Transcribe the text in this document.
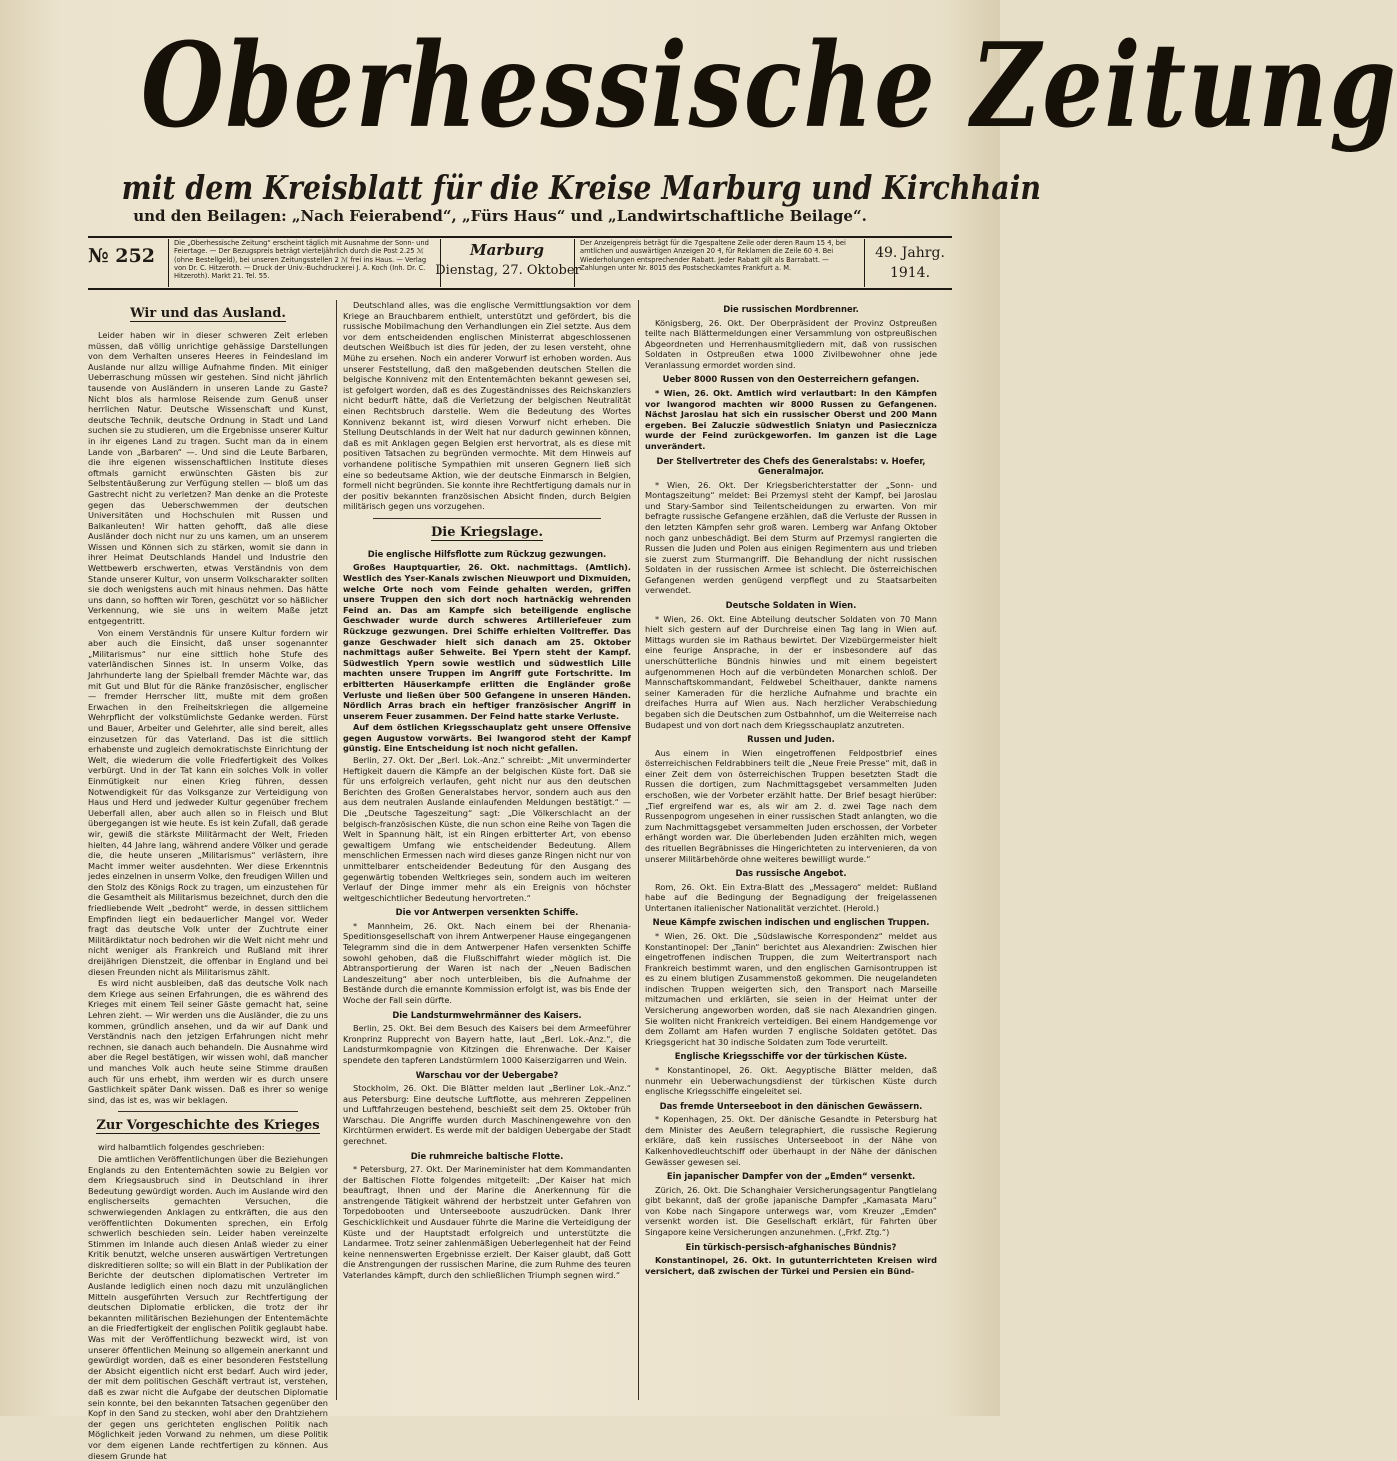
Oberhessische Zeitung
mit dem Kreisblatt für die Kreise Marburg und Kirchhain
und den Beilagen: „Nach Feierabend“, „Fürs Haus“ und „Landwirtschaftliche Beilage“.
№ 252
Die „Oberhessische Zeitung“ erscheint täglich mit Ausnahme der Sonn- und Feiertage. — Der Bezugspreis beträgt vierteljährlich durch die Post 2.25 ℳ (ohne Bestellgeld), bei unseren Zeitungsstellen 2 ℳ frei ins Haus. — Verlag von Dr. C. Hitzeroth. — Druck der Univ.-Buchdruckerei J. A. Koch (Inh. Dr. C. Hitzeroth). Markt 21. Tel. 55.
Marburg
Dienstag, 27. Oktober
Der Anzeigenpreis beträgt für die 7gespaltene Zeile oder deren Raum 15 ₰, bei amtlichen und auswärtigen Anzeigen 20 ₰, für Reklamen die Zeile 60 ₰. Bei Wiederholungen entsprechender Rabatt. Jeder Rabatt gilt als Barrabatt. — Zahlungen unter Nr. 8015 des Postscheckamtes Frankfurt a. M.
49. Jahrg.
1914.
Wir und das Ausland.

Leider haben wir in dieser schweren Zeit erleben müssen, daß völlig unrichtige gehässige Darstellungen von dem Verhalten unseres Heeres in Feindesland im Auslande nur allzu willige Aufnahme finden. Mit einiger Ueberraschung müssen wir gestehen. Sind nicht jährlich tausende von Ausländern in unseren Lande zu Gaste? Nicht blos als harmlose Reisende zum Genuß unser herrlichen Natur. Deutsche Wissenschaft und Kunst, deutsche Technik, deutsche Ordnung in Stadt und Land suchen sie zu studieren, um die Ergebnisse unserer Kultur in ihr eigenes Land zu tragen. Sucht man da in einem Lande von „Barbaren“ —. Und sind die Leute Barbaren, die ihre eigenen wissenschaftlichen Institute dieses oftmals garnicht erwünschten Gästen bis zur Selbstentäußerung zur Verfügung stellen — bloß um das Gastrecht nicht zu verletzen? Man denke an die Proteste gegen das Ueberschwemmen der deutschen Universitäten und Hochschulen mit Russen und Balkanleuten! Wir hatten gehofft, daß alle diese Ausländer doch nicht nur zu uns kamen, um an unserem Wissen und Können sich zu stärken, womit sie dann in ihrer Heimat Deutschlands Handel und Industrie den Wettbewerb erschwerten, etwas Verständnis von dem Stande unserer Kultur, von unserm Volkscharakter sollten sie doch wenigstens auch mit hinaus nehmen. Das hätte uns dann, so hofften wir Toren, geschützt vor so häßlicher Verkennung, wie sie uns in weitem Maße jetzt entgegentritt.

Von einem Verständnis für unsere Kultur fordern wir aber auch die Einsicht, daß unser sogenannter „Militarismus“ nur eine sittlich hohe Stufe des vaterländischen Sinnes ist. In unserm Volke, das Jahrhunderte lang der Spielball fremder Mächte war, das mit Gut und Blut für die Ränke französischer, englischer — fremder Herrscher litt, mußte mit dem großen Erwachen in den Freiheitskriegen die allgemeine Wehrpflicht der volkstümlichste Gedanke werden. Fürst und Bauer, Arbeiter und Gelehrter, alle sind bereit, alles einzusetzen für das Vaterland. Das ist die sittlich erhabenste und zugleich demokratischste Einrichtung der Welt, die wiederum die volle Friedfertigkeit des Volkes verbürgt. Und in der Tat kann ein solches Volk in voller Einmütigkeit nur einen Krieg führen, dessen Notwendigkeit für das Volksganze zur Verteidigung von Haus und Herd und jedweder Kultur gegenüber frechem Ueberfall allen, aber auch allen so in Fleisch und Blut übergegangen ist wie heute. Es ist kein Zufall, daß gerade wir, gewiß die stärkste Militärmacht der Welt, Frieden hielten, 44 Jahre lang, während andere Völker und gerade die, die heute unseren „Militarismus“ verlästern, ihre Macht immer weiter ausdehnten. Wer diese Erkenntnis jedes einzelnen in unserm Volke, den freudigen Willen und den Stolz des Königs Rock zu tragen, um einzustehen für die Gesamtheit als Militarismus bezeichnet, durch den die friedliebende Welt „bedroht“ werde, in dessen sittlichem Empfinden liegt ein bedauerlicher Mangel vor. Weder fragt das deutsche Volk unter der Zuchtrute einer Militärdiktatur noch bedrohen wir die Welt nicht mehr und nicht weniger als Frankreich und Rußland mit ihrer dreijährigen Dienstzeit, die offenbar in England und bei diesen Freunden nicht als Militarismus zählt.

Es wird nicht ausbleiben, daß das deutsche Volk nach dem Kriege aus seinen Erfahrungen, die es während des Krieges mit einem Teil seiner Gäste gemacht hat, seine Lehren zieht. — Wir werden uns die Ausländer, die zu uns kommen, gründlich ansehen, und da wir auf Dank und Verständnis nach den jetzigen Erfahrungen nicht mehr rechnen, sie danach auch behandeln. Die Ausnahme wird aber die Regel bestätigen, wir wissen wohl, daß mancher und manches Volk auch heute seine Stimme draußen auch für uns erhebt, ihm werden wir es durch unsere Gastlichkeit später Dank wissen. Daß es ihrer so wenige sind, das ist es, was wir beklagen.

Zur Vorgeschichte des Krieges

wird halbamtlich folgendes geschrieben:

Die amtlichen Veröffentlichungen über die Beziehungen Englands zu den Ententemächten sowie zu Belgien vor dem Kriegsausbruch sind in Deutschland in ihrer Bedeutung gewürdigt worden. Auch im Auslande wird den englischerseits gemachten Versuchen, die schwerwiegenden Anklagen zu entkräften, die aus den veröffentlichten Dokumenten sprechen, ein Erfolg schwerlich beschieden sein. Leider haben vereinzelte Stimmen im Inlande auch diesen Anlaß wieder zu einer Kritik benutzt, welche unseren auswärtigen Vertretungen diskreditieren sollte; so will ein Blatt in der Publikation der Berichte der deutschen diplomatischen Vertreter im Auslande lediglich einen noch dazu mit unzulänglichen Mitteln ausgeführten Versuch zur Rechtfertigung der deutschen Diplomatie erblicken, die trotz der ihr bekannten militärischen Beziehungen der Ententemächte an die Friedfertigkeit der englischen Politik geglaubt habe. Was mit der Veröffentlichung bezweckt wird, ist von unserer öffentlichen Meinung so allgemein anerkannt und gewürdigt worden, daß es einer besonderen Feststellung der Absicht eigentlich nicht erst bedarf. Auch wird jeder, der mit dem politischen Geschäft vertraut ist, verstehen, daß es zwar nicht die Aufgabe der deutschen Diplomatie sein konnte, bei den bekannten Tatsachen gegenüber den Kopf in den Sand zu stecken, wohl aber den Drahtziehern der gegen uns gerichteten englischen Politik nach Möglichkeit jeden Vorwand zu nehmen, um diese Politik vor dem eigenen Lande rechtfertigen zu können. Aus diesem Grunde hat

Deutschland alles, was die englische Vermittlungsaktion vor dem Kriege an Brauchbarem enthielt, unterstützt und gefördert, bis die russische Mobilmachung den Verhandlungen ein Ziel setzte. Aus dem vor dem entscheidenden englischen Ministerrat abgeschlossenen deutschen Weißbuch ist dies für jeden, der zu lesen versteht, ohne Mühe zu ersehen. Noch ein anderer Vorwurf ist erhoben worden. Aus unserer Feststellung, daß den maßgebenden deutschen Stellen die belgische Konnivenz mit den Ententemächten bekannt gewesen sei, ist gefolgert worden, daß es des Zugeständnisses des Reichskanzlers nicht bedurft hätte, daß die Verletzung der belgischen Neutralität einen Rechtsbruch darstelle. Wem die Bedeutung des Wortes Konnivenz bekannt ist, wird diesen Vorwurf nicht erheben. Die Stellung Deutschlands in der Welt hat nur dadurch gewinnen können, daß es mit Anklagen gegen Belgien erst hervortrat, als es diese mit positiven Tatsachen zu begründen vermochte. Mit dem Hinweis auf vorhandene politische Sympathien mit unseren Gegnern ließ sich eine so bedeutsame Aktion, wie der deutsche Einmarsch in Belgien, formell nicht begründen. Sie konnte ihre Rechtfertigung damals nur in der positiv bekannten französischen Absicht finden, durch Belgien militärisch gegen uns vorzugehen.

Die Kriegslage.
Die englische Hilfsflotte zum Rückzug gezwungen.

Großes Hauptquartier, 26. Okt. nachmittags. (Amtlich). Westlich des Yser-Kanals zwischen Nieuwport und Dixmuiden, welche Orte noch vom Feinde gehalten werden, griffen unsere Truppen den sich dort noch hartnäckig wehrenden Feind an. Das am Kampfe sich beteiligende englische Geschwader wurde durch schweres Artilleriefeuer zum Rückzuge gezwungen. Drei Schiffe erhielten Volltreffer. Das ganze Geschwader hielt sich danach am 25. Oktober nachmittags außer Sehweite. Bei Ypern steht der Kampf. Südwestlich Ypern sowie westlich und südwestlich Lille machten unsere Truppen im Angriff gute Fortschritte. Im erbitterten Häuserkampfe erlitten die Engländer große Verluste und ließen über 500 Gefangene in unseren Händen. Nördlich Arras brach ein heftiger französischer Angriff in unserem Feuer zusammen. Der Feind hatte starke Verluste.

Auf dem östlichen Kriegsschauplatz geht unsere Offensive gegen Augustow vorwärts. Bei Iwangorod steht der Kampf günstig. Eine Entscheidung ist noch nicht gefallen.

Berlin, 27. Okt. Der „Berl. Lok.-Anz.“ schreibt: „Mit unverminderter Heftigkeit dauern die Kämpfe an der belgischen Küste fort. Daß sie für uns erfolgreich verlaufen, geht nicht nur aus den deutschen Berichten des Großen Generalstabes hervor, sondern auch aus den aus dem neutralen Auslande einlaufenden Meldungen bestätigt.“ — Die „Deutsche Tageszeitung“ sagt: „Die Völkerschlacht an der belgisch-französischen Küste, die nun schon eine Reihe von Tagen die Welt in Spannung hält, ist ein Ringen erbitterter Art, von ebenso gewaltigem Umfang wie entscheidender Bedeutung. Allem menschlichen Ermessen nach wird dieses ganze Ringen nicht nur von unmittelbarer entscheidender Bedeutung für den Ausgang des gegenwärtig tobenden Weltkrieges sein, sondern auch im weiteren Verlauf der Dinge immer mehr als ein Ereignis von höchster weltgeschichtlicher Bedeutung hervortreten.“

Die vor Antwerpen versenkten Schiffe.

* Mannheim, 26. Okt. Nach einem bei der Rhenania-Speditionsgesellschaft von ihrem Antwerpener Hause eingegangenen Telegramm sind die in dem Antwerpener Hafen versenkten Schiffe sowohl gehoben, daß die Flußschiffahrt wieder möglich ist. Die Abtransportierung der Waren ist nach der „Neuen Badischen Landeszeitung“ aber noch unterbleiben, bis die Aufnahme der Bestände durch die ernannte Kommission erfolgt ist, was bis Ende der Woche der Fall sein dürfte.

Die Landsturmwehrmänner des Kaisers.

Berlin, 25. Okt. Bei dem Besuch des Kaisers bei dem Armeeführer Kronprinz Rupprecht von Bayern hatte, laut „Berl. Lok.-Anz.“, die Landsturmkompagnie von Kitzingen die Ehrenwache. Der Kaiser spendete den tapferen Landstürmlern 1000 Kaiserzigarren und Wein.

Warschau vor der Uebergabe?

Stockholm, 26. Okt. Die Blätter melden laut „Berliner Lok.-Anz.“ aus Petersburg: Eine deutsche Luftflotte, aus mehreren Zeppelinen und Luftfahrzeugen bestehend, beschießt seit dem 25. Oktober früh Warschau. Die Angriffe wurden durch Maschinengewehre von den Kirchtürmen erwidert. Es werde mit der baldigen Uebergabe der Stadt gerechnet.

Die ruhmreiche baltische Flotte.

* Petersburg, 27. Okt. Der Marineminister hat dem Kommandanten der Baltischen Flotte folgendes mitgeteilt: „Der Kaiser hat mich beauftragt, Ihnen und der Marine die Anerkennung für die anstrengende Tätigkeit während der herbstzeit unter Gefahren von Torpedobooten und Unterseeboote auszudrücken. Dank Ihrer Geschicklichkeit und Ausdauer führte die Marine die Verteidigung der Küste und der Hauptstadt erfolgreich und unterstützte die Landarmee. Trotz seiner zahlenmäßigen Ueberlegenheit hat der Feind keine nennenswerten Ergebnisse erzielt. Der Kaiser glaubt, daß Gott die Anstrengungen der russischen Marine, die zum Ruhme des teuren Vaterlandes kämpft, durch den schließlichen Triumph segnen wird.“

Die russischen Mordbrenner.

Königsberg, 26. Okt. Der Oberpräsident der Provinz Ostpreußen teilte nach Blättermeldungen einer Versammlung von ostpreußischen Abgeordneten und Herrenhausmitgliedern mit, daß von russischen Soldaten in Ostpreußen etwa 1000 Zivilbewohner ohne jede Veranlassung ermordet worden sind.

Ueber 8000 Russen von den Oesterreichern gefangen.

* Wien, 26. Okt. Amtlich wird verlautbart: In den Kämpfen vor Iwangorod machten wir 8000 Russen zu Gefangenen. Nächst Jaroslau hat sich ein russischer Oberst und 200 Mann ergeben. Bei Zaluczie südwestlich Sniatyn und Pasiecznicza wurde der Feind zurückgeworfen. Im ganzen ist die Lage unverändert.

Der Stellvertreter des Chefs des Generalstabs: v. Hoefer, Generalmajor.

* Wien, 26. Okt. Der Kriegsberichterstatter der „Sonn- und Montagszeitung“ meldet: Bei Przemysl steht der Kampf, bei Jaroslau und Stary-Sambor sind Teilentscheidungen zu erwarten. Von mir befragte russische Gefangene erzählen, daß die Verluste der Russen in den letzten Kämpfen sehr groß waren. Lemberg war Anfang Oktober noch ganz unbeschädigt. Bei dem Sturm auf Przemysl rangierten die Russen die Juden und Polen aus einigen Regimentern aus und trieben sie zuerst zum Sturmangriff. Die Behandlung der nicht russischen Soldaten in der russischen Armee ist schlecht. Die österreichischen Gefangenen werden genügend verpflegt und zu Staatsarbeiten verwendet.

Deutsche Soldaten in Wien.

* Wien, 26. Okt. Eine Abteilung deutscher Soldaten von 70 Mann hielt sich gestern auf der Durchreise einen Tag lang in Wien auf. Mittags wurden sie im Rathaus bewirtet. Der Vizebürgermeister hielt eine feurige Ansprache, in der er insbesondere auf das unerschütterliche Bündnis hinwies und mit einem begeistert aufgenommenen Hoch auf die verbündeten Monarchen schloß. Der Mannschaftskommandant, Feldwebel Scheithauer, dankte namens seiner Kameraden für die herzliche Aufnahme und brachte ein dreifaches Hurra auf Wien aus. Nach herzlicher Verabschiedung begaben sich die Deutschen zum Ostbahnhof, um die Weiterreise nach Budapest und von dort nach dem Kriegsschauplatz anzutreten.

Russen und Juden.

Aus einem in Wien eingetroffenen Feldpostbrief eines österreichischen Feldrabbiners teilt die „Neue Freie Presse“ mit, daß in einer Zeit dem von österreichischen Truppen besetzten Stadt die Russen die dortigen, zum Nachmittagsgebet versammelten Juden erschoßen, wie der Vorbeter erzählt hatte. Der Brief besagt hierüber: „Tief ergreifend war es, als wir am 2. d. zwei Tage nach dem Russenpogrom ungesehen in einer russischen Stadt anlangten, wo die zum Nachmittagsgebet versammelten Juden erschossen, der Vorbeter erhängt worden war. Die überlebenden Juden erzählten mich, wegen des rituellen Begräbnisses die Hingerichteten zu intervenieren, da von unserer Militärbehörde ohne weiteres bewilligt wurde.“

Das russische Angebot.

Rom, 26. Okt. Ein Extra-Blatt des „Messagero“ meldet: Rußland habe auf die Bedingung der Begnadigung der freigelassenen Untertanen italienischer Nationalität verzichtet. (Herold.)

Neue Kämpfe zwischen indischen und englischen Truppen.

* Wien, 26. Okt. Die „Südslawische Korrespondenz“ meldet aus Konstantinopel: Der „Tanin“ berichtet aus Alexandrien: Zwischen hier eingetroffenen indischen Truppen, die zum Weitertransport nach Frankreich bestimmt waren, und den englischen Garnisontruppen ist es zu einem blutigen Zusammenstoß gekommen. Die neugelandeten indischen Truppen weigerten sich, den Transport nach Marseille mitzumachen und erklärten, sie seien in der Heimat unter der Versicherung angeworben worden, daß sie nach Alexandrien gingen. Sie wollten nicht Frankreich verteidigen. Bei einem Handgemenge vor dem Zollamt am Hafen wurden 7 englische Soldaten getötet. Das Kriegsgericht hat 30 indische Soldaten zum Tode verurteilt.

Englische Kriegsschiffe vor der türkischen Küste.

* Konstantinopel, 26. Okt. Aegyptische Blätter melden, daß nunmehr ein Ueberwachungsdienst der türkischen Küste durch englische Kriegsschiffe eingeleitet sei.

Das fremde Unterseeboot in den dänischen Gewässern.

* Kopenhagen, 25. Okt. Der dänische Gesandte in Petersburg hat dem Minister des Aeußern telegraphiert, die russische Regierung erkläre, daß kein russisches Unterseeboot in der Nähe von Kalkenhovedleuchtschiff oder überhaupt in der Nähe der dänischen Gewässer gewesen sei.

Ein japanischer Dampfer von der „Emden“ versenkt.

Zürich, 26. Okt. Die Schanghaier Versicherungsagentur Pangtlelang gibt bekannt, daß der große japanische Dampfer „Kamasata Maru“ von Kobe nach Singapore unterwegs war, vom Kreuzer „Emden“ versenkt worden ist. Die Gesellschaft erklärt, für Fahrten über Singapore keine Versicherungen anzunehmen. („Frkf. Ztg.“)

Ein türkisch-persisch-afghanisches Bündnis?

Konstantinopel, 26. Okt. In gutunterrichteten Kreisen wird versichert, daß zwischen der Türkei und Persien ein Bünd-
